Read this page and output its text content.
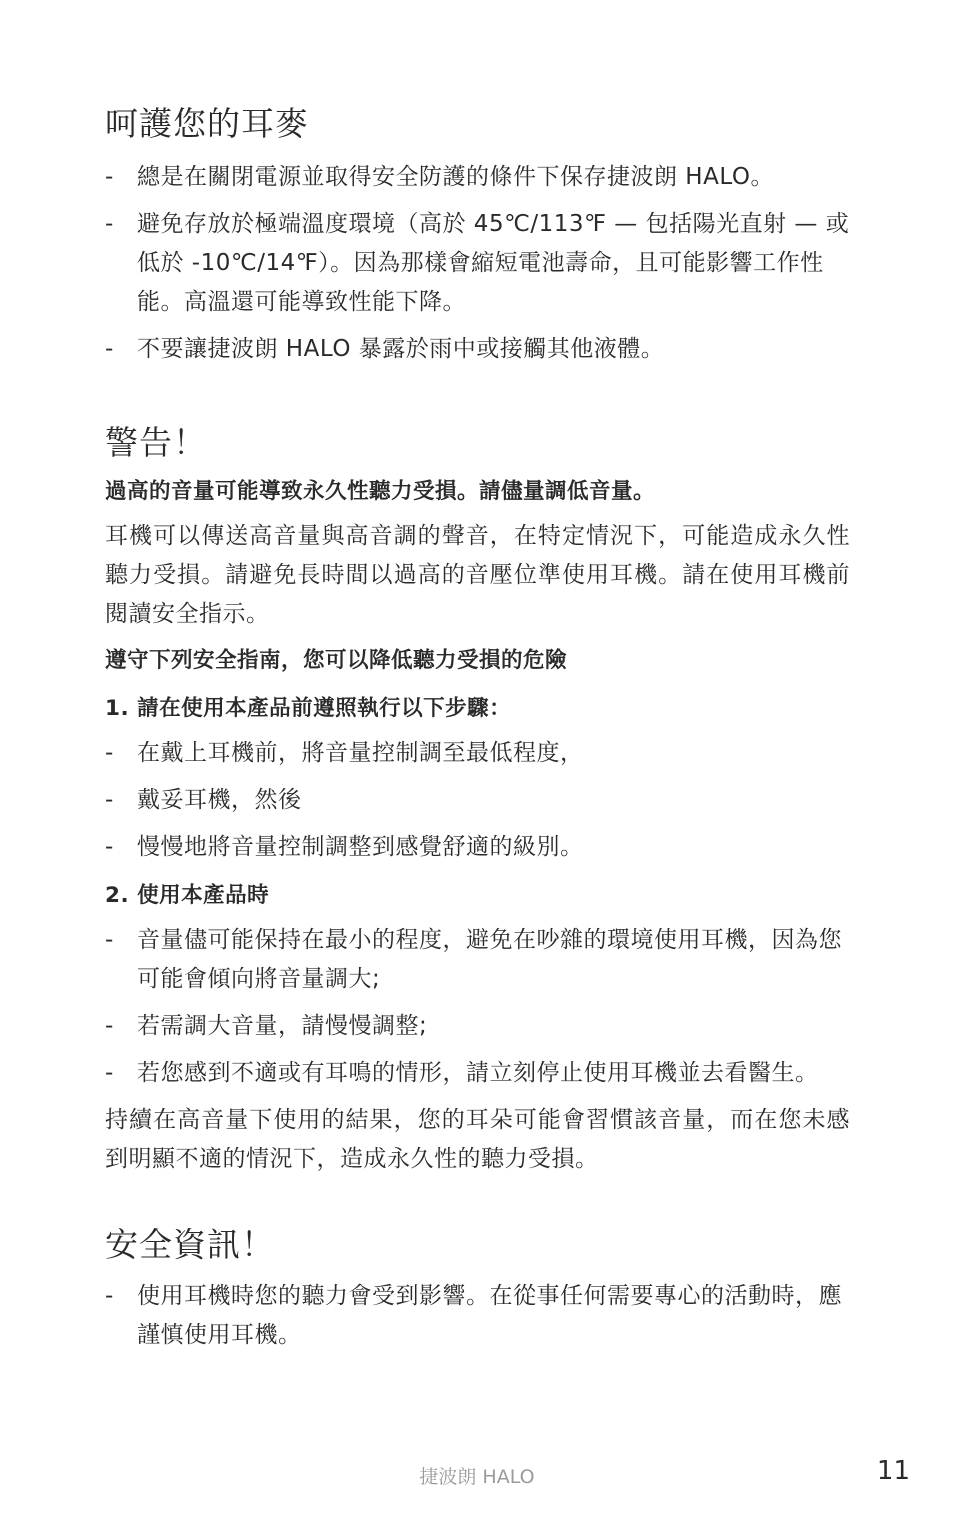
呵護您的耳麥
- 總是在關閉電源並取得安全防護的條件下保存捷波朗 HALO。
- 避免存放於極端溫度環境（高於 45℃/113℉ — 包括陽光直射 — 或低於 -10℃/14℉）。因為那樣會縮短電池壽命，且可能影響工作性能。高溫還可能導致性能下降。
- 不要讓捷波朗 HALO 暴露於雨中或接觸其他液體。
警告！

過高的音量可能導致永久性聽力受損。請儘量調低音量。

耳機可以傳送高音量與高音調的聲音，在特定情況下，可能造成永久性聽力受損。請避免長時間以過高的音壓位準使用耳機。請在使用耳機前閱讀安全指示。

遵守下列安全指南，您可以降低聽力受損的危險

1. 請在使用本產品前遵照執行以下步驟：

- 在戴上耳機前，將音量控制調至最低程度，
- 戴妥耳機，然後
- 慢慢地將音量控制調整到感覺舒適的級別。

2. 使用本產品時

- 音量儘可能保持在最小的程度，避免在吵雜的環境使用耳機，因為您可能會傾向將音量調大;
- 若需調大音量，請慢慢調整;
- 若您感到不適或有耳鳴的情形，請立刻停止使用耳機並去看醫生。

持續在高音量下使用的結果，您的耳朵可能會習慣該音量，而在您未感到明顯不適的情況下，造成永久性的聽力受損。

安全資訊！
- 使用耳機時您的聽力會受到影響。在從事任何需要專心的活動時，應謹慎使用耳機。
捷波朗 HALO	11
